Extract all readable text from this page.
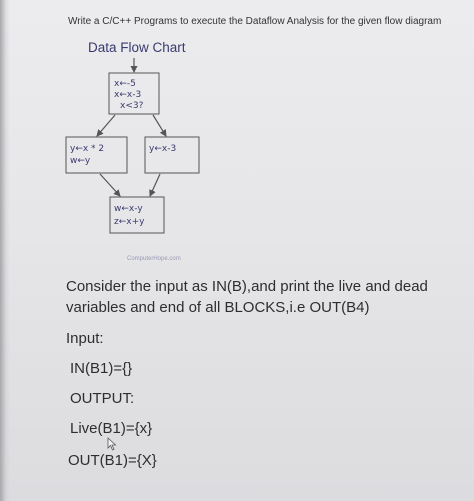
Write a C/C++ Programs to execute the Dataflow Analysis for the given flow diagram
Data Flow Chart
x←-5
x←x-3
x<3?
y←x * 2
w←y
y←x-3
w←x-y
z←x+y
ComputerHope.com
Consider the input as IN(B),and print the live and dead
variables and end of all BLOCKS,i.e OUT(B4)
Input:
IN(B1)={}
OUTPUT:
Live(B1)={x}
OUT(B1)={X}
